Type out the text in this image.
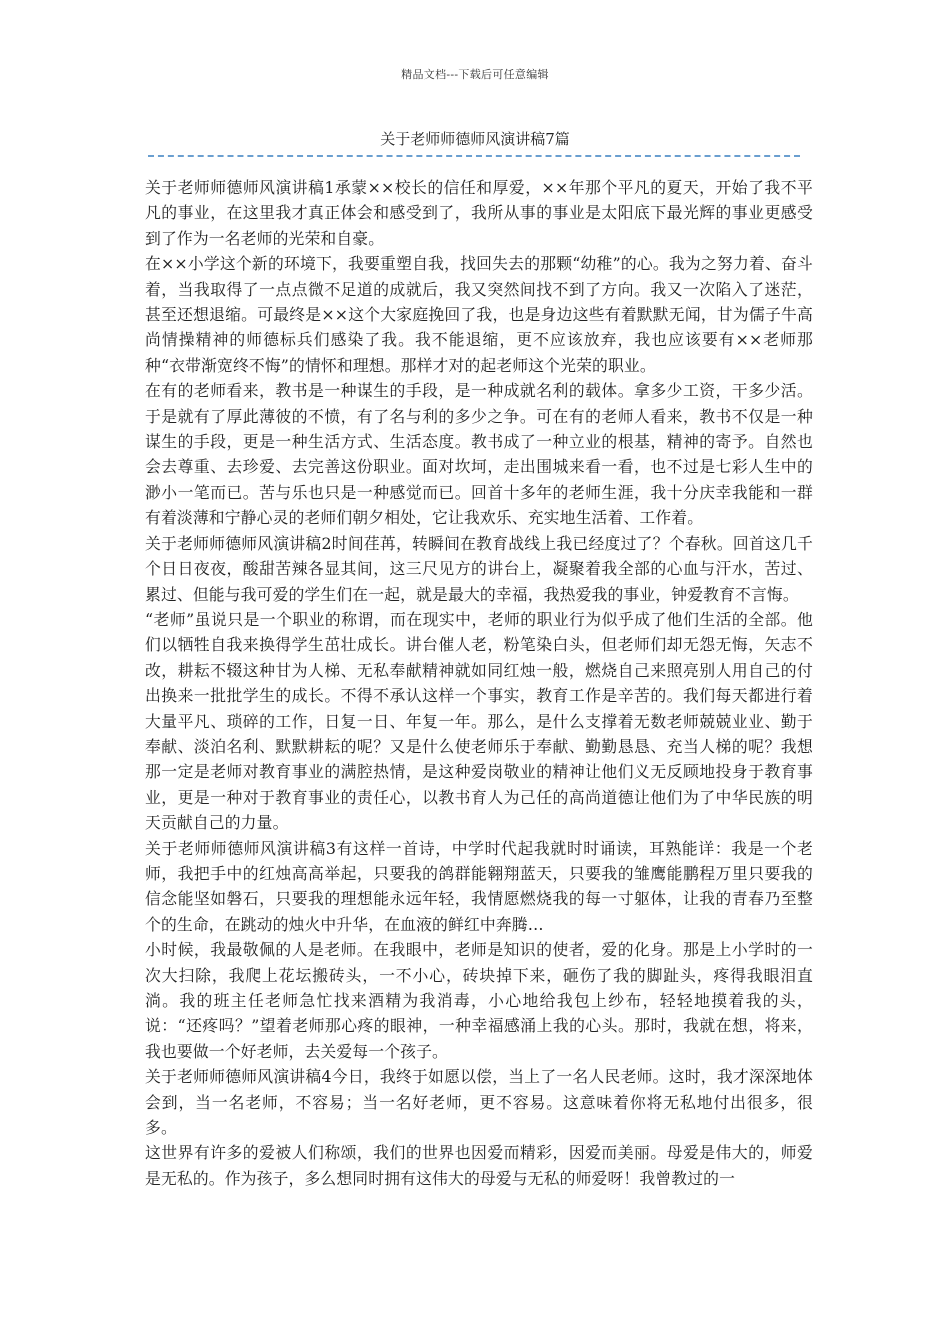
精品文档---下载后可任意编辑
关于老师师德师风演讲稿7篇

关于老师师德师风演讲稿1承蒙××校长的信任和厚爱，××年那个平凡的夏天，开始了我不平凡的事业，在这里我才真正体会和感受到了，我所从事的事业是太阳底下最光辉的事业更感受到了作为一名老师的光荣和自豪。

在××小学这个新的环境下，我要重塑自我，找回失去的那颗“幼稚”的心。我为之努力着、奋斗着，当我取得了一点点微不足道的成就后，我又突然间找不到了方向。我又一次陷入了迷茫，甚至还想退缩。可最终是××这个大家庭挽回了我，也是身边这些有着默默无闻，甘为儒子牛高尚情操精神的师德标兵们感染了我。我不能退缩，更不应该放弃，我也应该要有××老师那种“衣带渐宽终不悔”的情怀和理想。那样才对的起老师这个光荣的职业。

在有的老师看来，教书是一种谋生的手段，是一种成就名利的载体。拿多少工资，干多少活。于是就有了厚此薄彼的不愤，有了名与利的多少之争。可在有的老师人看来，教书不仅是一种谋生的手段，更是一种生活方式、生活态度。教书成了一种立业的根基，精神的寄予。自然也会去尊重、去珍爱、去完善这份职业。面对坎坷，走出围城来看一看，也不过是七彩人生中的渺小一笔而已。苦与乐也只是一种感觉而已。回首十多年的老师生涯，我十分庆幸我能和一群有着淡薄和宁静心灵的老师们朝夕相处，它让我欢乐、充实地生活着、工作着。

关于老师师德师风演讲稿2时间荏苒，转瞬间在教育战线上我已经度过了？个春秋。回首这几千个日日夜夜，酸甜苦辣各显其间，这三尺见方的讲台上，凝聚着我全部的心血与汗水，苦过、累过、但能与我可爱的学生们在一起，就是最大的幸福，我热爱我的事业，钟爱教育不言悔。

“老师”虽说只是一个职业的称谓，而在现实中，老师的职业行为似乎成了他们生活的全部。他们以牺牲自我来换得学生茁壮成长。讲台催人老，粉笔染白头，但老师们却无怨无悔，矢志不改，耕耘不辍这种甘为人梯、无私奉献精神就如同红烛一般，燃烧自己来照亮别人用自己的付出换来一批批学生的成长。不得不承认这样一个事实，教育工作是辛苦的。我们每天都进行着大量平凡、琐碎的工作，日复一日、年复一年。那么，是什么支撑着无数老师兢兢业业、勤于奉献、淡泊名利、默默耕耘的呢？又是什么使老师乐于奉献、勤勤恳恳、充当人梯的呢？我想那一定是老师对教育事业的满腔热情，是这种爱岗敬业的精神让他们义无反顾地投身于教育事业，更是一种对于教育事业的责任心，以教书育人为己任的高尚道德让他们为了中华民族的明天贡献自己的力量。

关于老师师德师风演讲稿3有这样一首诗，中学时代起我就时时诵读，耳熟能详：我是一个老师，我把手中的红烛高高举起，只要我的鸽群能翱翔蓝天，只要我的雏鹰能鹏程万里只要我的信念能坚如磐石，只要我的理想能永远年轻，我情愿燃烧我的每一寸躯体，让我的青春乃至整个的生命，在跳动的烛火中升华，在血液的鲜红中奔腾…

小时候，我最敬佩的人是老师。在我眼中，老师是知识的使者，爱的化身。那是上小学时的一次大扫除，我爬上花坛搬砖头，一不小心，砖块掉下来，砸伤了我的脚趾头，疼得我眼泪直淌。我的班主任老师急忙找来酒精为我消毒，小心地给我包上纱布，轻轻地摸着我的头，说：“还疼吗？”望着老师那心疼的眼神，一种幸福感涌上我的心头。那时，我就在想，将来，我也要做一个好老师，去关爱每一个孩子。

关于老师师德师风演讲稿4今日，我终于如愿以偿，当上了一名人民老师。这时，我才深深地体会到，当一名老师，不容易；当一名好老师，更不容易。这意味着你将无私地付出很多，很多。

这世界有许多的爱被人们称颂，我们的世界也因爱而精彩，因爱而美丽。母爱是伟大的，师爱是无私的。作为孩子，多么想同时拥有这伟大的母爱与无私的师爱呀！我曾教过的一
